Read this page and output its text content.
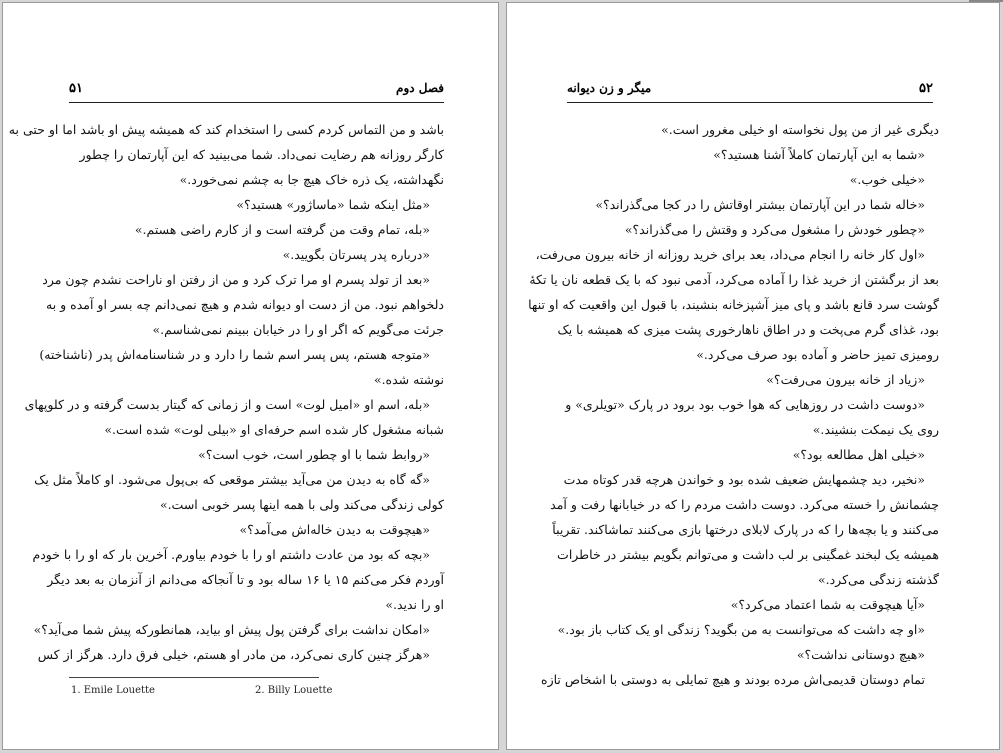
فصل دوم
۵۱
باشد و من التماس کردم کسی را استخدام کند که همیشه پیش او باشد اما او حتی به
کارگر روزانه هم رضایت نمی‌داد. شما می‌بینید که این آپارتمان را چطور
نگهداشته، یک ذره خاک هیچ جا به چشم نمی‌خورد.»
«مثل اینکه شما «ماساژور» هستید؟»
«بله، تمام وقت من گرفته است و از کارم راضی هستم.»
«درباره پدر پسرتان بگویید.»
«بعد از تولد پسرم او مرا ترک کرد و من از رفتن او ناراحت نشدم چون مرد
دلخواهم نبود. من از دست او دیوانه شدم و هیچ نمی‌دانم چه بسر او آمده و به
جرئت می‌گویم که اگر او را در خیابان ببینم نمی‌شناسم.»
«متوجه هستم، پس پسر اسم شما را دارد و در شناسنامه‌اش پدر (ناشناخته)
نوشته شده.»
«بله، اسم او «امیل لوت» است و از زمانی که گیتار بدست گرفته و در کلوپهای
شبانه مشغول کار شده اسم حرفه‌ای او «بیلی لوت» شده است.»
«روابط شما با او چطور است، خوب است؟»
«گه گاه به دیدن من می‌آید بیشتر موقعی که بی‌پول می‌شود. او کاملاً مثل یک
کولی زندگی می‌کند ولی با همه اینها پسر خوبی است.»
«هیچوقت به دیدن خاله‌اش می‌آمد؟»
«بچه که بود من عادت داشتم او را با خودم بیاورم. آخرین بار که او را با خودم
آوردم فکر می‌کنم ۱۵ یا ۱۶ ساله بود و تا آنجاکه می‌دانم از آنزمان به بعد دیگر
او را ندید.»
«امکان نداشت برای گرفتن پول پیش او بیاید، همانطورکه پیش شما می‌آید؟»
«هرگز چنین کاری نمی‌کرد، من مادر او هستم، خیلی فرق دارد. هرگز از کس
1. Emile Louette	2. Billy Louette
۵۲
میگر و زن دیوانه
دیگری غیر از من پول نخواسته او خیلی مغرور است.»
«شما به این آپارتمان کاملاً آشنا هستید؟»
«خیلی خوب.»
«خاله شما در این آپارتمان بیشتر اوقاتش را در کجا می‌گذراند؟»
«چطور خودش را مشغول می‌کرد و وقتش را می‌گذراند؟»
«اول کار خانه را انجام می‌داد، بعد برای خرید روزانه از خانه بیرون می‌رفت،
بعد از برگشتن از خرید غذا را آماده می‌کرد، آدمی نبود که با یک قطعه نان یا تکهٔ
گوشت سرد قانع باشد و پای میز آشپزخانه بنشیند، با قبول این واقعیت که او تنها
بود، غذای گرم می‌پخت و در اطاق ناهارخوری پشت میزی که همیشه با یک
رومیزی تمیز حاضر و آماده بود صرف می‌کرد.»
«زیاد از خانه بیرون می‌رفت؟»
«دوست داشت در روزهایی که هوا خوب بود برود در پارک «تویلری» و
روی یک نیمکت بنشیند.»
«خیلی اهل مطالعه بود؟»
«نخیر، دید چشمهایش ضعیف شده بود و خواندن هرچه قدر کوتاه مدت
چشمانش را خسته می‌کرد. دوست داشت مردم را که در خیابانها رفت و آمد
می‌کنند و یا بچه‌ها را که در پارک لابلای درختها بازی می‌کنند تماشاکند. تقریباً
همیشه یک لبخند غمگینی بر لب داشت و می‌توانم بگویم بیشتر در خاطرات
گذشته زندگی می‌کرد.»
«آیا هیچوقت به شما اعتماد می‌کرد؟»
«او چه داشت که می‌توانست به من بگوید؟ زندگی او یک کتاب باز بود.»
«هیچ دوستانی نداشت؟»
تمام دوستان قدیمی‌اش مرده بودند و هیچ تمایلی به دوستی با اشخاص تازه
